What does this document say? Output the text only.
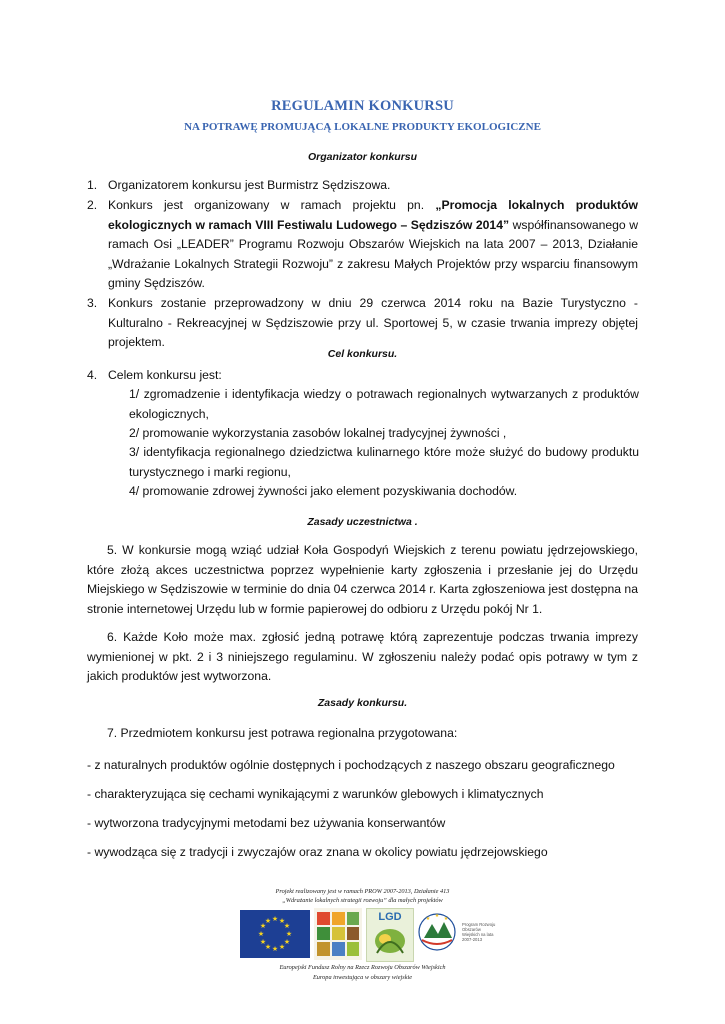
REGULAMIN KONKURSU
NA POTRAWĘ PROMUJĄCĄ LOKALNE PRODUKTY EKOLOGICZNE
Organizator konkursu
1. Organizatorem konkursu jest Burmistrz Sędziszowa.
2. Konkurs jest organizowany w ramach projektu pn. „Promocja lokalnych produktów ekologicznych w ramach VIII Festiwalu Ludowego – Sędziszów 2014” współfinansowanego w ramach Osi „LEADER” Programu Rozwoju Obszarów Wiejskich na lata 2007 – 2013, Działanie „Wdrażanie Lokalnych Strategii Rozwoju” z zakresu Małych Projektów przy wsparciu finansowym gminy Sędziszów.
3. Konkurs zostanie przeprowadzony w dniu 29 czerwca 2014 roku na Bazie Turystyczno - Kulturalno - Rekreacyjnej w Sędziszowie przy ul. Sportowej 5, w czasie trwania imprezy objętej projektem.
Cel konkursu.
4. Celem konkursu jest:
1/ zgromadzenie i identyfikacja wiedzy o potrawach regionalnych wytwarzanych z produktów ekologicznych,
2/ promowanie wykorzystania zasobów lokalnej tradycyjnej żywności ,
3/ identyfikacja regionalnego dziedzictwa kulinarnego które może służyć do budowy produktu turystycznego i marki regionu,
4/ promowanie zdrowej żywności jako element pozyskiwania dochodów.
Zasady uczestnictwa .
5. W konkursie mogą wziąć udział Koła Gospodyń Wiejskich z terenu powiatu jędrzejowskiego, które złożą akces uczestnictwa poprzez wypełnienie karty zgłoszenia i przesłanie jej do Urzędu Miejskiego w Sędziszowie w terminie do dnia 04 czerwca 2014 r. Karta zgłoszeniowa jest dostępna na stronie internetowej Urzędu lub w formie papierowej do odbioru z Urzędu pokój Nr 1.
6. Każde Koło może max. zgłosić jedną potrawę którą zaprezentuje podczas trwania imprezy wymienionej w pkt. 2 i 3 niniejszego regulaminu. W zgłoszeniu należy podać opis potrawy w tym z jakich produktów jest wytworzona.
Zasady konkursu.
7. Przedmiotem konkursu jest potrawa regionalna przygotowana:
- z naturalnych produktów ogólnie dostępnych i pochodzących z naszego obszaru geograficznego
- charakteryzująca się cechami wynikającymi z warunków glebowych i klimatycznych
- wytworzona tradycyjnymi metodami bez używania konserwantów
- wywodząca się z tradycji i zwyczajów oraz znana w okolicy powiatu jędrzejowskiego
Projekt realizowany jest w ramach PROW 2007-2013, Działanie 413
„Wdrażanie lokalnych strategii rozwoju” dla małych projektów
★ ★
★
★
★
★
★
★
★
★
★
★	LGD	★ ★
★
Program Rozwoju Obszarów Wiejskich na lata 2007-2013
Europejski Fundusz Rolny na Rzecz Rozwoju Obszarów Wiejskich
Europa inwestująca w obszary wiejskie
